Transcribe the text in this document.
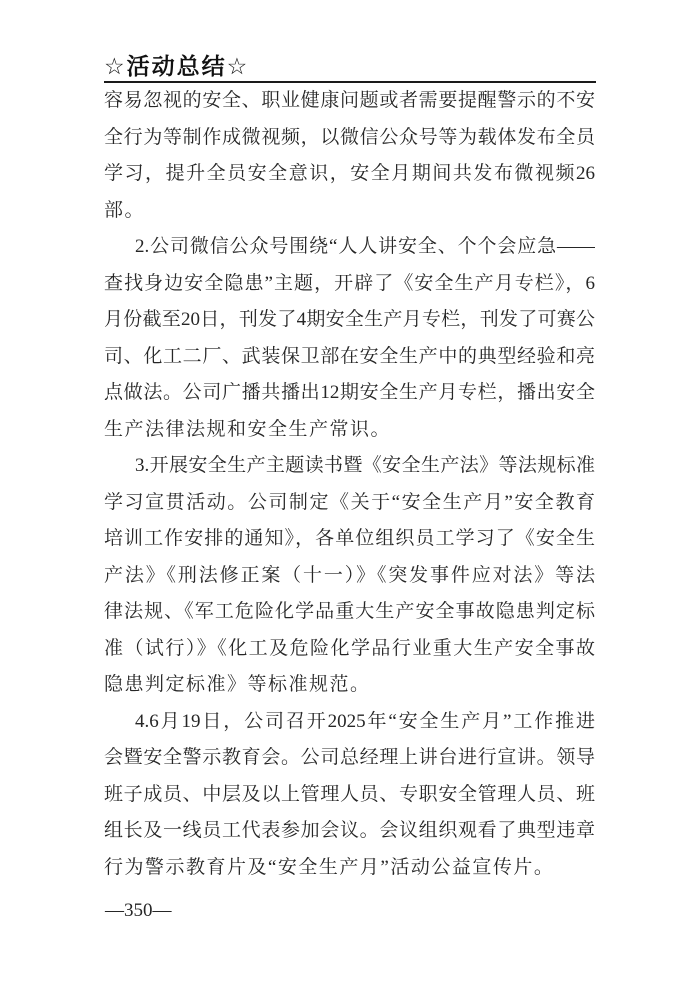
☆活动总结☆
容易忽视的安全、职业健康问题或者需要提醒警示的不安
全行为等制作成微视频，以微信公众号等为载体发布全员
学习，提升全员安全意识，安全月期间共发布微视频26
部。
2.公司微信公众号围绕“人人讲安全、个个会应急——
查找身边安全隐患”主题，开辟了《安全生产月专栏》，6
月份截至20日，刊发了4期安全生产月专栏，刊发了可赛公
司、化工二厂、武装保卫部在安全生产中的典型经验和亮
点做法。公司广播共播出12期安全生产月专栏，播出安全
生产法律法规和安全生产常识。
3.开展安全生产主题读书暨《安全生产法》等法规标准
学习宣贯活动。公司制定《关于“安全生产月”安全教育
培训工作安排的通知》，各单位组织员工学习了《安全生
产法》《刑法修正案（十一）》《突发事件应对法》等法
律法规、《军工危险化学品重大生产安全事故隐患判定标
准（试行）》《化工及危险化学品行业重大生产安全事故
隐患判定标准》等标准规范。
4.6月19日，公司召开2025年“安全生产月”工作推进
会暨安全警示教育会。公司总经理上讲台进行宣讲。领导
班子成员、中层及以上管理人员、专职安全管理人员、班
组长及一线员工代表参加会议。会议组织观看了典型违章
行为警示教育片及“安全生产月”活动公益宣传片。
—350—
